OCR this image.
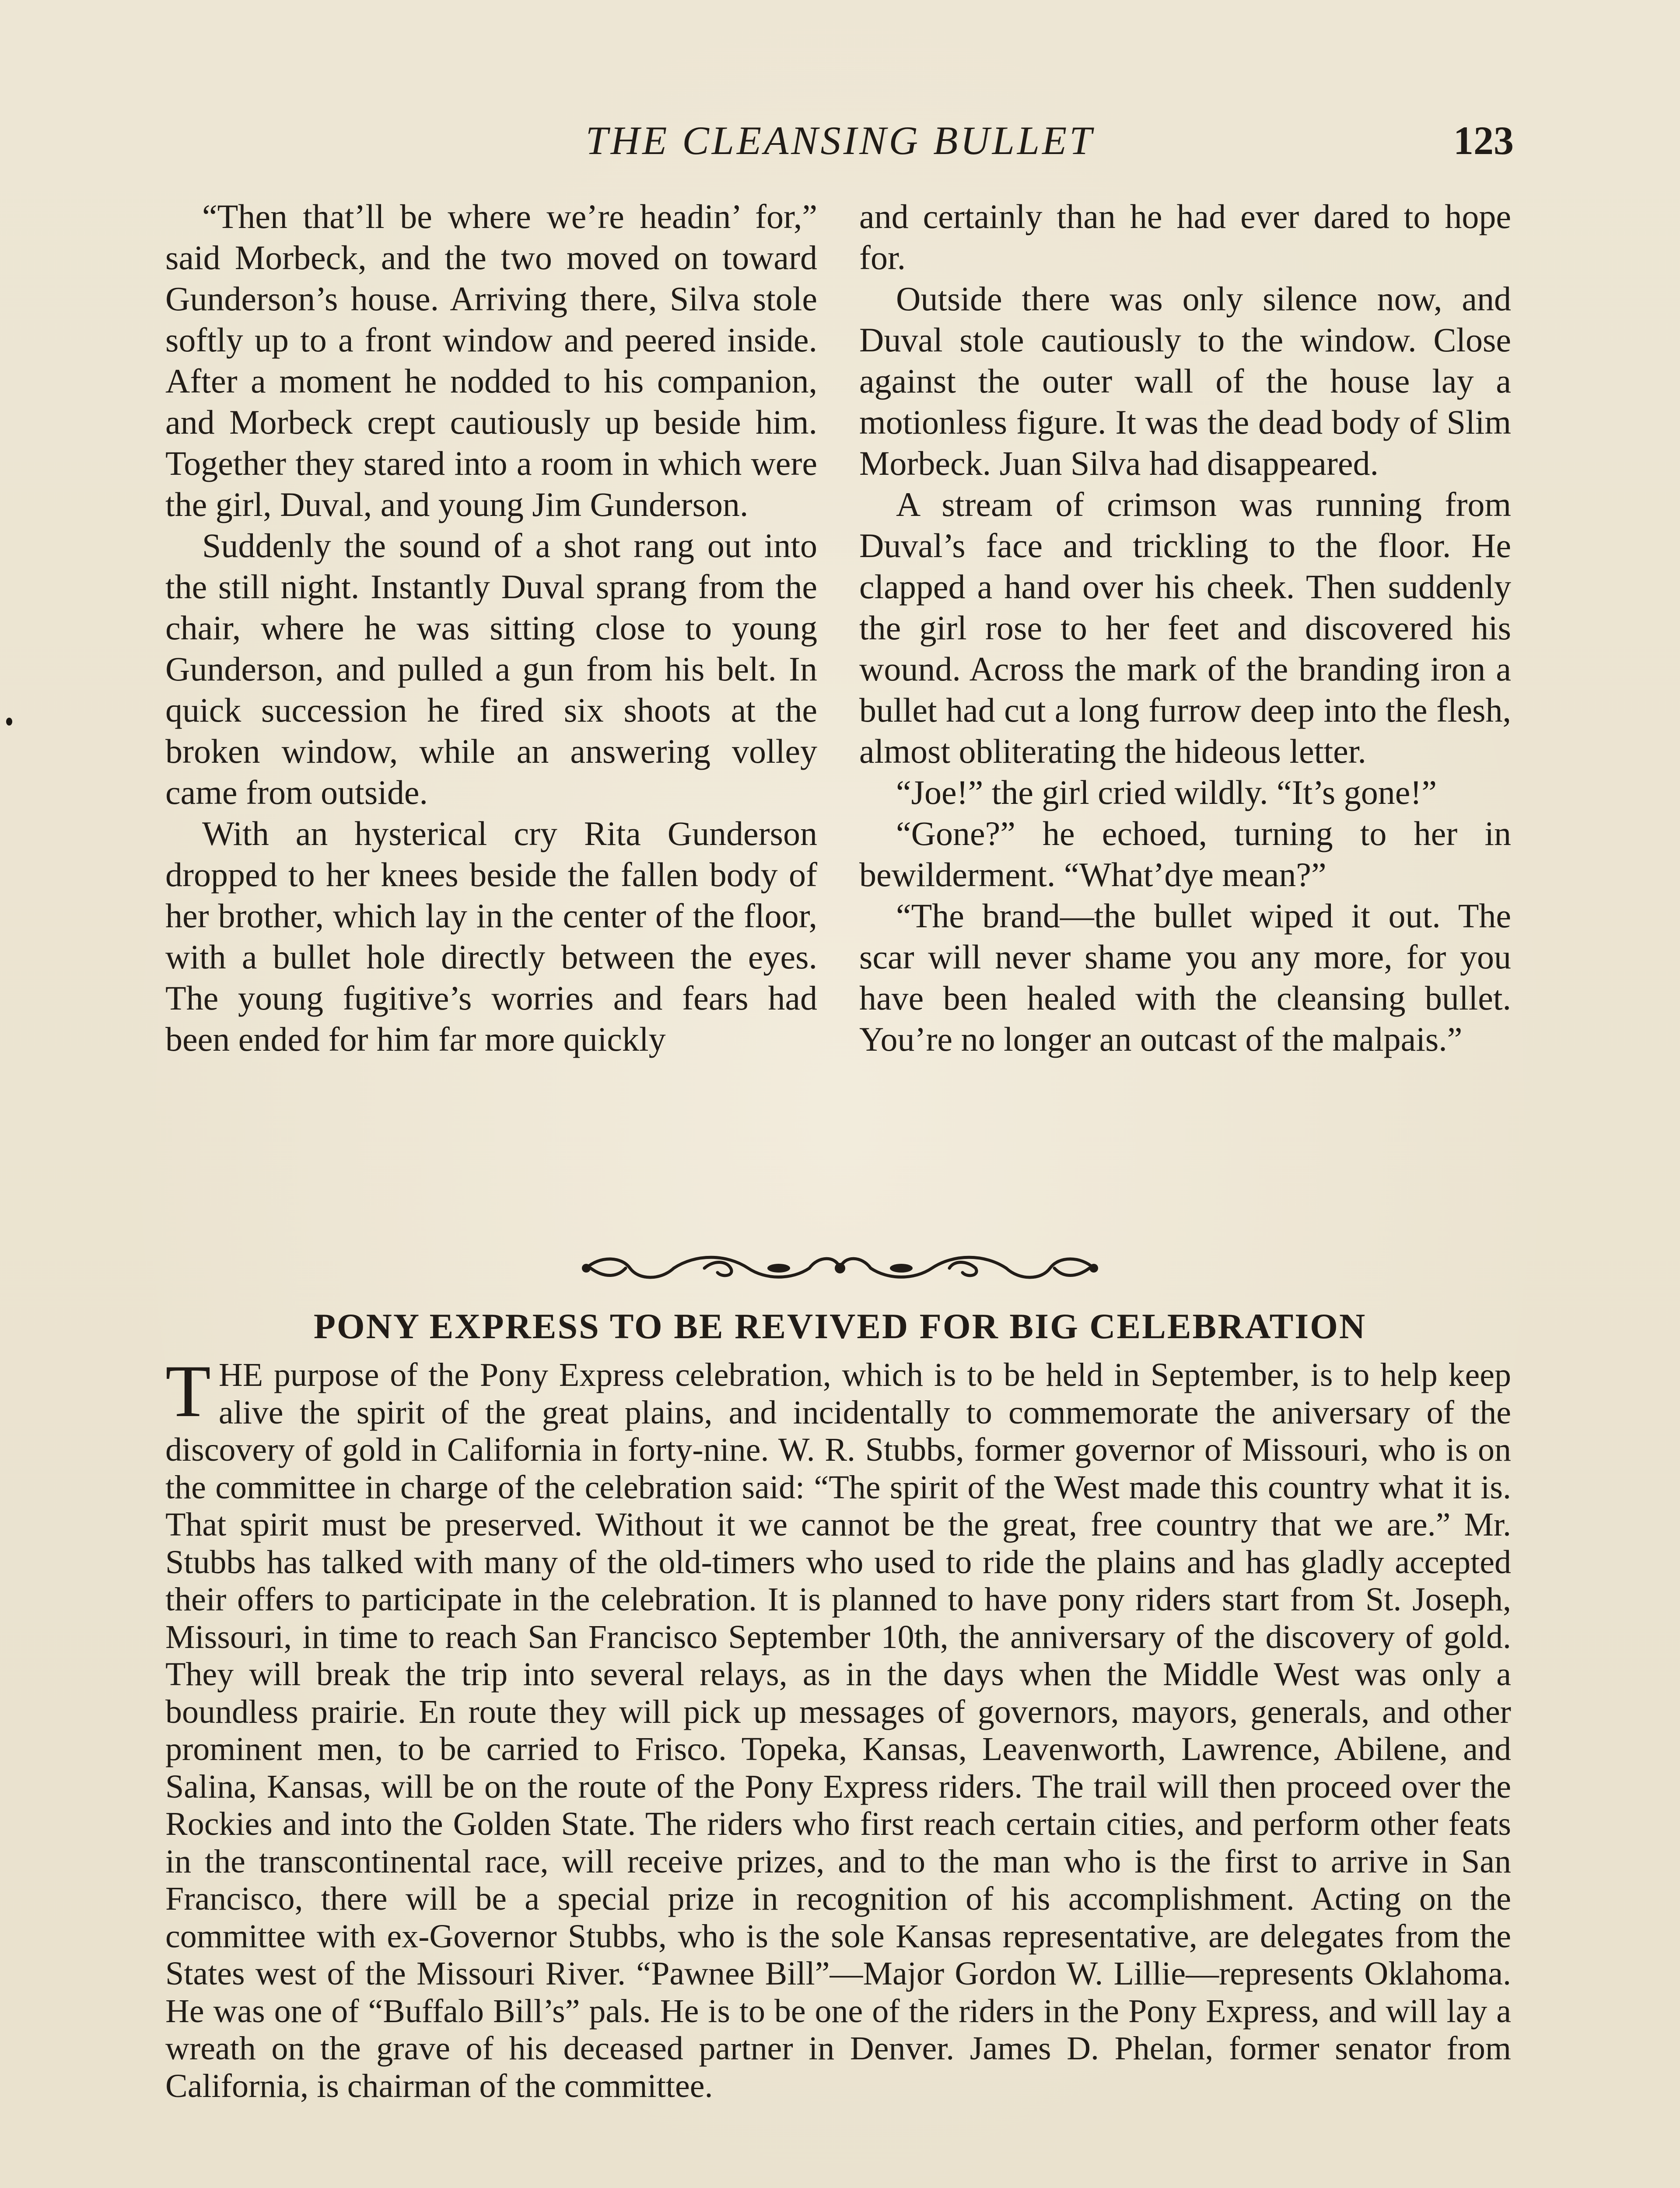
THE CLEANSING BULLET	123

“Then that’ll be where we’re headin’ for,” said Morbeck, and the two moved on toward Gunderson’s house. Arriving there, Silva stole softly up to a front window and peered inside. After a moment he nodded to his companion, and Morbeck crept cautiously up beside him. Together they stared into a room in which were the girl, Duval, and young Jim Gunderson.

Suddenly the sound of a shot rang out into the still night. Instantly Duval sprang from the chair, where he was sitting close to young Gunderson, and pulled a gun from his belt. In quick succession he fired six shoots at the broken window, while an answering volley came from outside.

With an hysterical cry Rita Gunderson dropped to her knees beside the fallen body of her brother, which lay in the center of the floor, with a bullet hole directly between the eyes. The young fugitive’s worries and fears had been ended for him far more quickly

and certainly than he had ever dared to hope for.

Outside there was only silence now, and Duval stole cautiously to the window. Close against the outer wall of the house lay a motionless figure. It was the dead body of Slim Morbeck. Juan Silva had disappeared.

A stream of crimson was running from Duval’s face and trickling to the floor. He clapped a hand over his cheek. Then suddenly the girl rose to her feet and discovered his wound. Across the mark of the branding iron a bullet had cut a long furrow deep into the flesh, almost obliterating the hideous letter.

“Joe!” the girl cried wildly. “It’s gone!”

“Gone?” he echoed, turning to her in bewilderment. “What’dye mean?”

“The brand—the bullet wiped it out. The scar will never shame you any more, for you have been healed with the cleansing bullet. You’re no longer an outcast of the malpais.”

PONY EXPRESS TO BE REVIVED FOR BIG CELEBRATION

THE purpose of the Pony Express celebration, which is to be held in September, is to help keep alive the spirit of the great plains, and incidentally to commemorate the aniversary of the discovery of gold in California in forty-nine. W. R. Stubbs, former governor of Missouri, who is on the committee in charge of the celebration said: “The spirit of the West made this country what it is. That spirit must be preserved. Without it we cannot be the great, free country that we are.” Mr. Stubbs has talked with many of the old-timers who used to ride the plains and has gladly accepted their offers to participate in the celebration. It is planned to have pony riders start from St. Joseph, Missouri, in time to reach San Francisco September 10th, the anniversary of the discovery of gold. They will break the trip into several relays, as in the days when the Middle West was only a boundless prairie. En route they will pick up messages of governors, mayors, generals, and other prominent men, to be carried to Frisco. Topeka, Kansas, Leavenworth, Lawrence, Abilene, and Salina, Kansas, will be on the route of the Pony Express riders. The trail will then proceed over the Rockies and into the Golden State. The riders who first reach certain cities, and perform other feats in the transcontinental race, will receive prizes, and to the man who is the first to arrive in San Francisco, there will be a special prize in recognition of his accomplishment. Acting on the committee with ex-Governor Stubbs, who is the sole Kansas representative, are delegates from the States west of the Missouri River. “Pawnee Bill”—Major Gordon W. Lillie—represents Oklahoma. He was one of “Buffalo Bill’s” pals. He is to be one of the riders in the Pony Express, and will lay a wreath on the grave of his deceased partner in Denver. James D. Phelan, former senator from California, is chairman of the committee.
